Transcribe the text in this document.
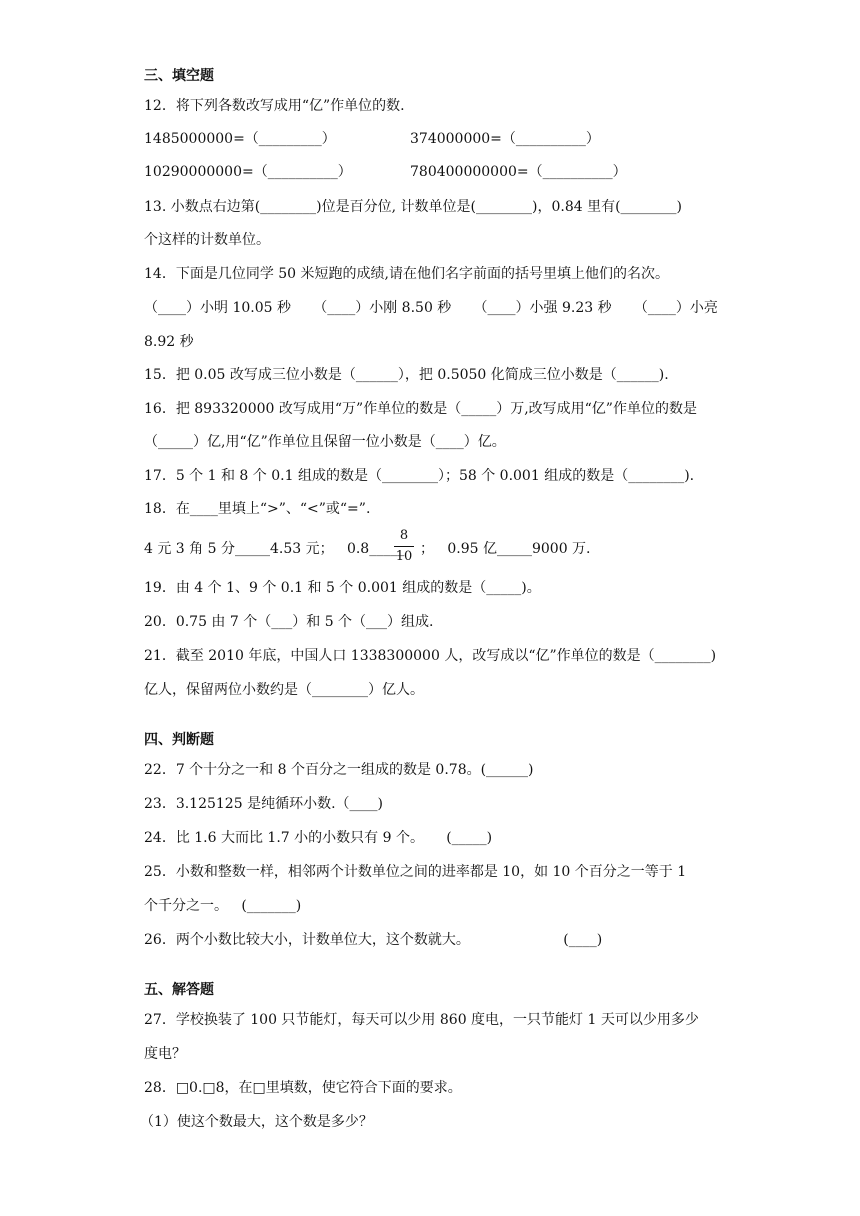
三、填空题
12．将下列各数改写成用“亿”作单位的数.
1485000000=（_________）	374000000=（__________）
10290000000=（__________）	780400000000=（__________）
13. 小数点右边第(________)位是百分位, 计数单位是(________)，0.84 里有(________)
个这样的计数单位。
14．下面是几位同学 50 米短跑的成绩,请在他们名字前面的括号里填上他们的名次。
（____）小明 10.05 秒     （____）小刚 8.50 秒     （____）小强 9.23 秒     （____）小亮
8.92 秒
15．把 0.05 改写成三位小数是（______），把 0.5050 化简成三位小数是（______).
16．把 893320000 改写成用“万”作单位的数是（_____）万,改写成用“亿”作单位的数是
（_____）亿,用“亿”作单位且保留一位小数是（____）亿。
17．5 个 1 和 8 个 0.1 组成的数是（________）；58 个 0.001 组成的数是（________).
18．在____里填上“>”、“<”或“=”.
4 元 3 角 5 分_____4.53 元；   0.8_____
8
10 ；   0.95 亿_____9000 万.
19．由 4 个 1、9 个 0.1 和 5 个 0.001 组成的数是（_____)。
20．0.75 由 7 个（___）和 5 个（___）组成.
21．截至 2010 年底，中国人口 1338300000 人，改写成以“亿”作单位的数是（________)
亿人，保留两位小数约是（________）亿人。
四、判断题
22．7 个十分之一和 8 个百分之一组成的数是 0.78。(______)
23．3.125125 是纯循环小数.（____)
24．比 1.6 大而比 1.7 小的小数只有 9 个。     (_____)
25．小数和整数一样，相邻两个计数单位之间的进率都是 10，如 10 个百分之一等于 1
个千分之一。   (_______)
26．两个小数比较大小，计数单位大，这个数就大。                     (____)
五、解答题
27．学校换装了 100 只节能灯，每天可以少用 860 度电，一只节能灯 1 天可以少用多少
度电？
28．□0.□8，在□里填数，使它符合下面的要求。
（1）使这个数最大，这个数是多少？
